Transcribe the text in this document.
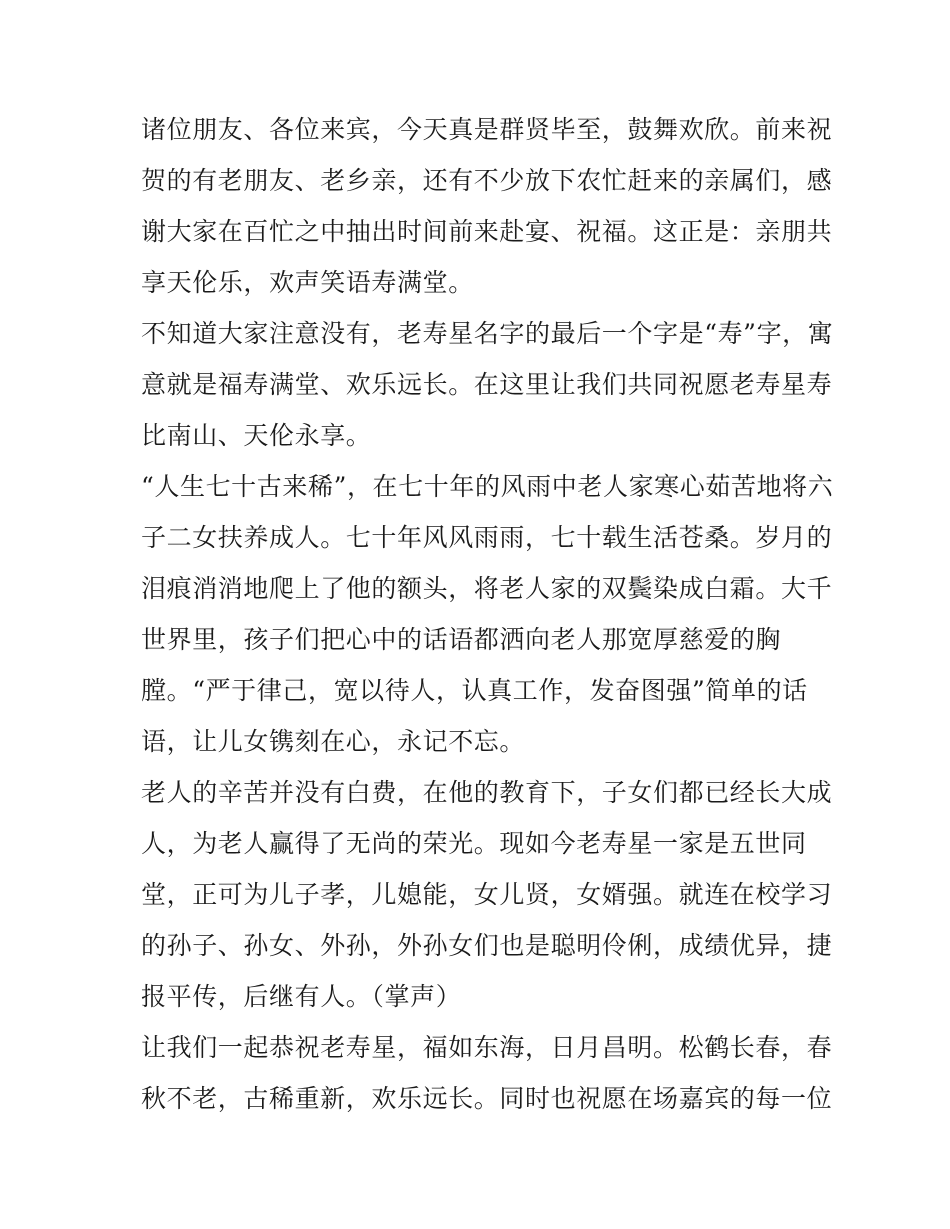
诸位朋友、各位来宾，今天真是群贤毕至，鼓舞欢欣。前来祝
贺的有老朋友、老乡亲，还有不少放下农忙赶来的亲属们，感
谢大家在百忙之中抽出时间前来赴宴、祝福。这正是：亲朋共
享天伦乐，欢声笑语寿满堂。
不知道大家注意没有，老寿星名字的最后一个字是“寿”字，寓
意就是福寿满堂、欢乐远长。在这里让我们共同祝愿老寿星寿
比南山、天伦永享。
“人生七十古来稀”，在七十年的风雨中老人家寒心茹苦地将六
子二女扶养成人。七十年风风雨雨，七十载生活苍桑。岁月的
泪痕消消地爬上了他的额头，将老人家的双鬓染成白霜。大千
世界里，孩子们把心中的话语都洒向老人那宽厚慈爱的胸
膛。“严于律己，宽以待人，认真工作，发奋图强”简单的话
语，让儿女镌刻在心，永记不忘。
老人的辛苦并没有白费，在他的教育下，子女们都已经长大成
人，为老人赢得了无尚的荣光。现如今老寿星一家是五世同
堂，正可为儿子孝，儿媳能，女儿贤，女婿强。就连在校学习
的孙子、孙女、外孙，外孙女们也是聪明伶俐，成绩优异，捷
报平传，后继有人。（掌声）
让我们一起恭祝老寿星，福如东海，日月昌明。松鹤长春，春
秋不老，古稀重新，欢乐远长。同时也祝愿在场嘉宾的每一位
